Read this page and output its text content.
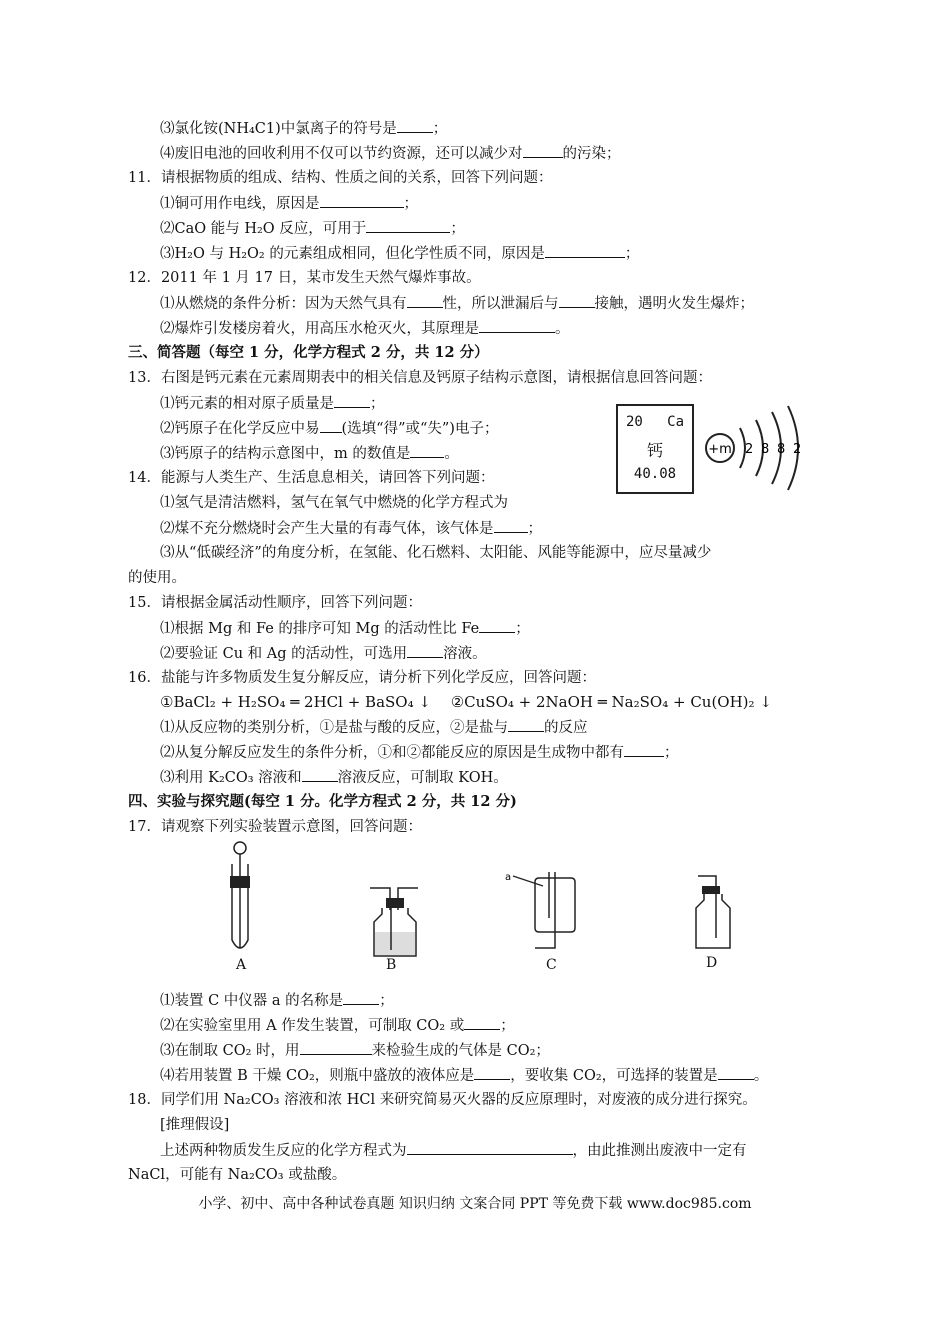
⑶氯化铵(NH₄C1)中氯离子的符号是 ；
⑷废旧电池的回收利用不仅可以节约资源，还可以减少对	的污染；
11．请根据物质的组成、结构、性质之间的关系，回答下列问题：
⑴铜可用作电线，原因是	；
⑵CaO 能与 H₂O 反应，可用于	；
⑶H₂O 与 H₂O₂ 的元素组成相同，但化学性质不同，原因是	；
12．2011 年 1 月 17 日，某市发生天然气爆炸事故。
⑴从燃烧的条件分析：因为天然气具有 性，所以泄漏后与 接触，遇明火发生爆炸；
⑵爆炸引发楼房着火，用高压水枪灭火，其原理是	。
三、简答题（每空 1 分，化学方程式 2 分，共 12 分）
13．右图是钙元素在元素周期表中的相关信息及钙原子结构示意图，请根据信息回答问题：
⑴钙元素的相对原子质量是 ；
⑵钙原子在化学反应中易 (选填“得”或“失”)电子；
⑶钙原子的结构示意图中，m 的数值是 。
20 Ca
钙
40.08
+m 2 8 8 2
14．能源与人类生产、生活息息相关，请回答下列问题：
⑴氢气是清洁燃料，氢气在氧气中燃烧的化学方程式为
⑵煤不充分燃烧时会产生大量的有毒气体，该气体是 ；
⑶从“低碳经济”的角度分析，在氢能、化石燃料、太阳能、风能等能源中，应尽量减少
的使用。
15．请根据金属活动性顺序，回答下列问题：
⑴根据 Mg 和 Fe 的排序可知 Mg 的活动性比 Fe ；
⑵要验证 Cu 和 Ag 的活动性，可选用 溶液。
16．盐能与许多物质发生复分解反应，请分析下列化学反应，回答问题：
①BaCl₂ + H₂SO₄ ═ 2HCl + BaSO₄ ↓　 ②CuSO₄ + 2NaOH ═ Na₂SO₄ + Cu(OH)₂ ↓
⑴从反应物的类别分析，①是盐与酸的反应，②是盐与 的反应
⑵从复分解反应发生的条件分析，①和②都能反应的原因是生成物中都有	；
⑶利用 K₂CO₃ 溶液和 溶液反应，可制取 KOH。
四、实验与探究题(每空 1 分。化学方程式 2 分，共 12 分)
17．请观察下列实验装置示意图，回答问题：
A	B
a
C	D
⑴装置 C 中仪器 a 的名称是 ；
⑵在实验室里用 A 作发生装置，可制取 CO₂ 或 ；
⑶在制取 CO₂ 时，用	来检验生成的气体是 CO₂；
⑷若用装置 B 干燥 CO₂，则瓶中盛放的液体应是 ，要收集 CO₂，可选择的装置是 。
18．同学们用 Na₂CO₃ 溶液和浓 HCl 来研究简易灭火器的反应原理时，对废液的成分进行探究。
[推理假设]
上述两种物质发生反应的化学方程式为	，由此推测出废液中一定有
NaCl，可能有 Na₂CO₃ 或盐酸。
小学、初中、高中各种试卷真题 知识归纳 文案合同 PPT 等免费下载 www.doc985.com
